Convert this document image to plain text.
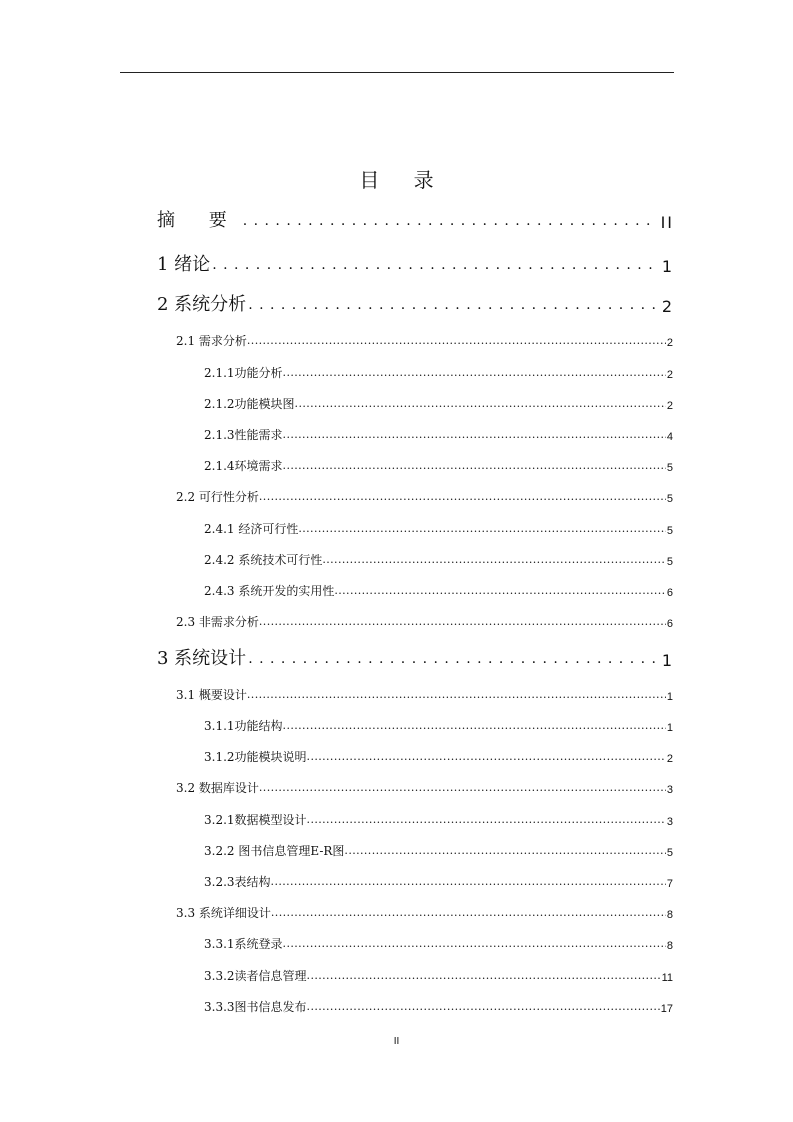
目 录
摘 要 . . .	II
1 绪论 . . .	1
2 系统分析 . . .	2
2.1 需求分析 .....	2
2.1.1功能分析 .....	2
2.1.2功能模块图 .....	2
2.1.3性能需求 .....	4
2.1.4环境需求 .....	5
2.2 可行性分析 .....	5
2.4.1 经济可行性 .....	5
2.4.2 系统技术可行性 .....	5
2.4.3 系统开发的实用性 .....	6
2.3 非需求分析 .....	6
3 系统设计 . . .	1
3.1 概要设计 .....	1
3.1.1功能结构 .....	1
3.1.2功能模块说明 .....	2
3.2 数据库设计 .....	3
3.2.1数据模型设计 .....	3
3.2.2 图书信息管理E-R图 .....	5
3.2.3表结构 .....	7
3.3 系统详细设计 .....	8
3.3.1系统登录 .....	8
3.3.2读者信息管理 .....	11
3.3.3图书信息发布 .....	17
II
